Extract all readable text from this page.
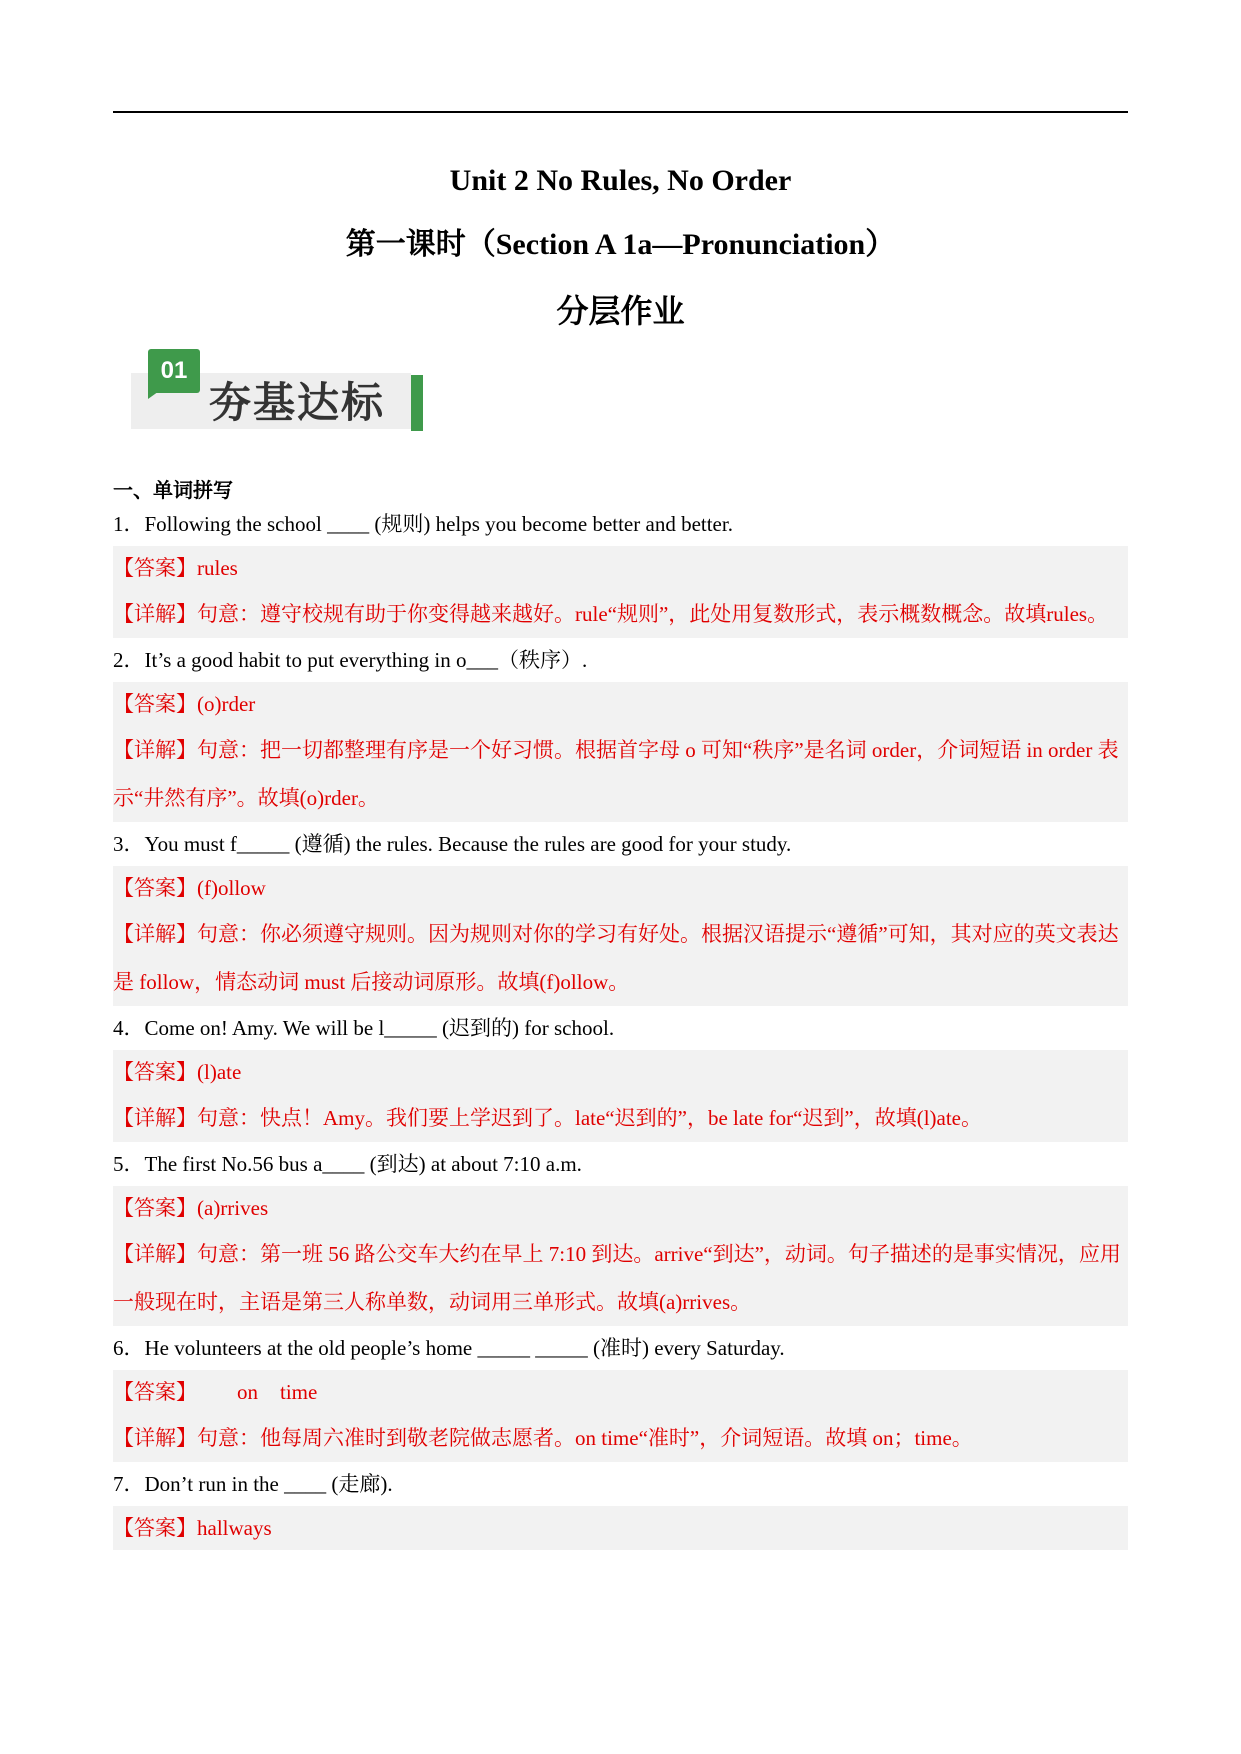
Unit 2 No Rules, No Order
第一课时（Section A 1a—Pronunciation）
分层作业
01
夯基达标
一、单词拼写
1．Following the school ____ (规则) helps you become better and better.
【答案】rules
【详解】句意：遵守校规有助于你变得越来越好。rule“规则”，此处用复数形式，表示概数概念。故填rules。
2．It’s a good habit to put everything in o___（秩序）.
【答案】(o)rder
【详解】句意：把一切都整理有序是一个好习惯。根据首字母 o 可知“秩序”是名词 order，介词短语 in order 表示“井然有序”。故填(o)rder。
3．You must f_____ (遵循) the rules. Because the rules are good for your study.
【答案】(f)ollow
【详解】句意：你必须遵守规则。因为规则对你的学习有好处。根据汉语提示“遵循”可知，其对应的英文表达是 follow，情态动词 must 后接动词原形。故填(f)ollow。
4．Come on! Amy. We will be l_____ (迟到的) for school.
【答案】(l)ate
【详解】句意：快点！Amy。我们要上学迟到了。late“迟到的”，be late for“迟到”，故填(l)ate。
5．The first No.56 bus a____ (到达) at about 7:10 a.m.
【答案】(a)rrives
【详解】句意：第一班 56 路公交车大约在早上 7:10 到达。arrive“到达”，动词。句子描述的是事实情况，应用一般现在时，主语是第三人称单数，动词用三单形式。故填(a)rrives。
6．He volunteers at the old people’s home _____ _____ (准时) every Saturday.
【答案】 on time
【详解】句意：他每周六准时到敬老院做志愿者。on time“准时”，介词短语。故填 on；time。
7．Don’t run in the ____ (走廊).
【答案】hallways
